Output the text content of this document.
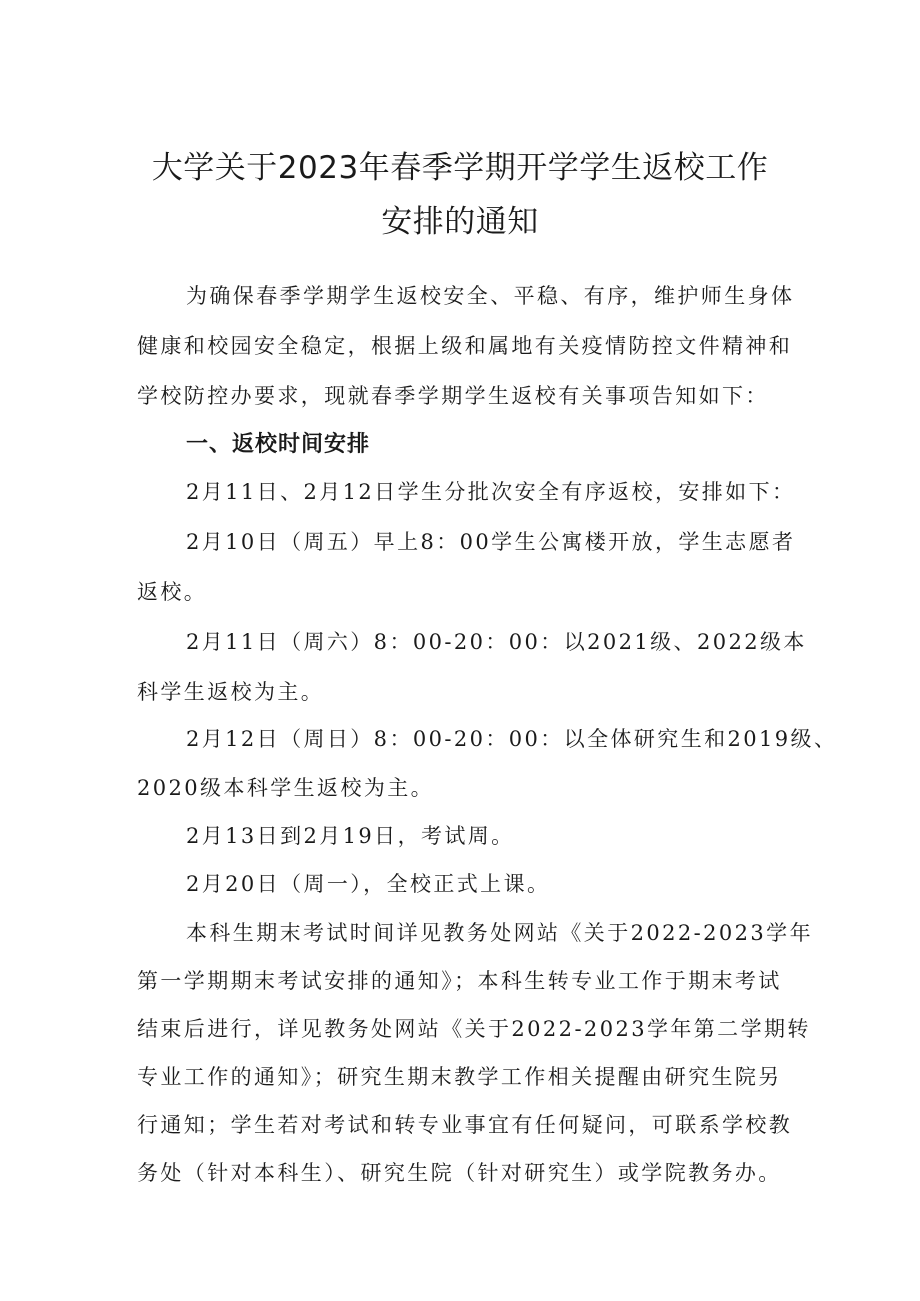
大学关于2023年春季学期开学学生返校工作
安排的通知
为确保春季学期学生返校安全、平稳、有序，维护师生身体
健康和校园安全稳定，根据上级和属地有关疫情防控文件精神和
学校防控办要求，现就春季学期学生返校有关事项告知如下：
一、返校时间安排
2月11日、2月12日学生分批次安全有序返校，安排如下：
2月10日（周五）早上8：00学生公寓楼开放，学生志愿者
返校。
2月11日（周六）8：00-20：00：以2021级、2022级本
科学生返校为主。
2月12日（周日）8：00-20：00：以全体研究生和2019级、
2020级本科学生返校为主。
2月13日到2月19日，考试周。
2月20日（周一），全校正式上课。
本科生期末考试时间详见教务处网站《关于2022-2023学年
第一学期期末考试安排的通知》；本科生转专业工作于期末考试
结束后进行，详见教务处网站《关于2022-2023学年第二学期转
专业工作的通知》；研究生期末教学工作相关提醒由研究生院另
行通知；学生若对考试和转专业事宜有任何疑问，可联系学校教
务处（针对本科生）、研究生院（针对研究生）或学院教务办。
